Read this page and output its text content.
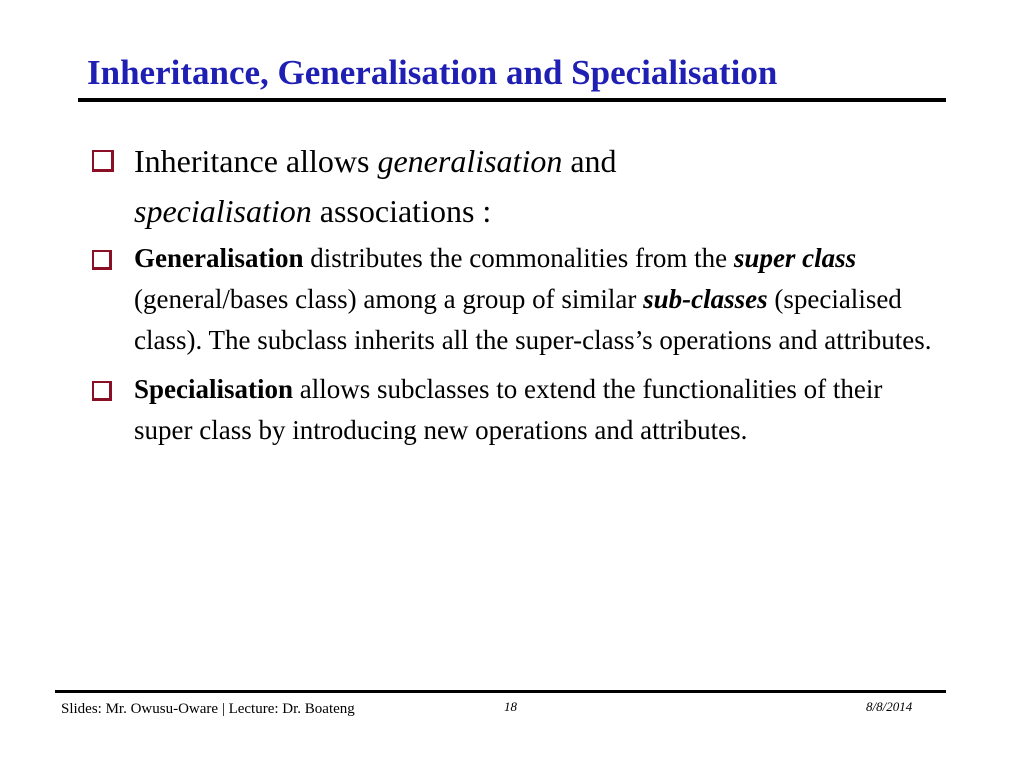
Inheritance, Generalisation and Specialisation
Inheritance allows generalisation and specialisation associations :
Generalisation distributes the commonalities from the super class (general/bases class) among a group of similar sub-classes (specialised class). The subclass inherits all the super-class’s operations and attributes.
Specialisation allows subclasses to extend the functionalities of their super class by introducing new operations and attributes.
Slides: Mr. Owusu-Oware | Lecture: Dr. Boateng	18	8/8/2014
